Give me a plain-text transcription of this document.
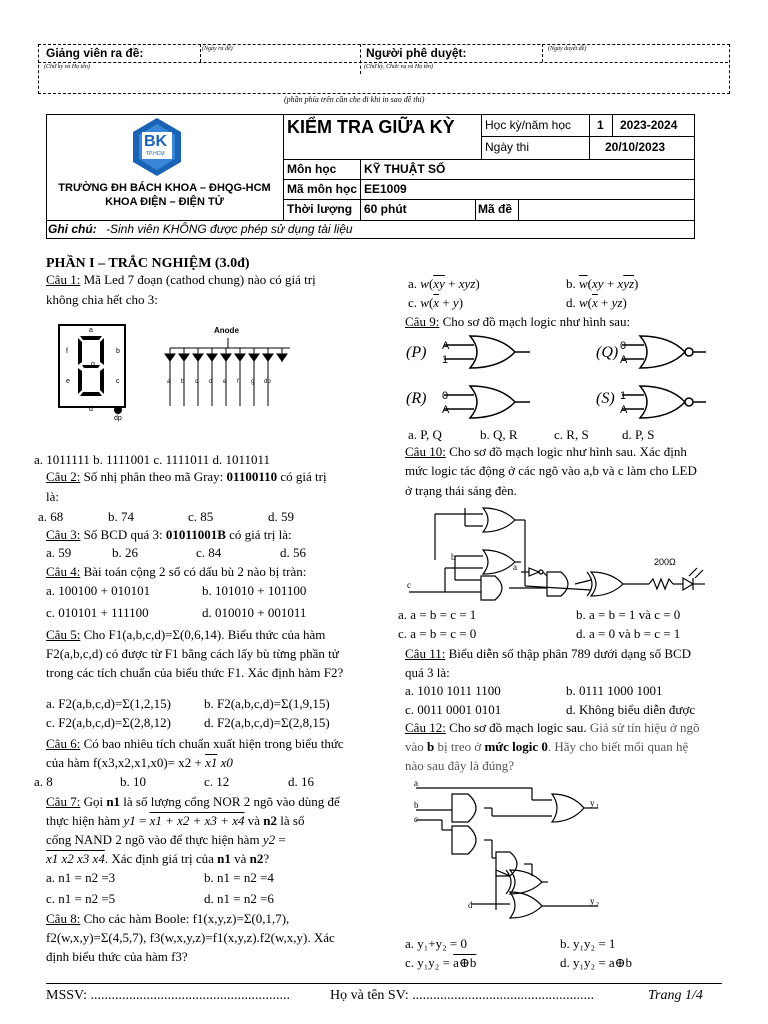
Giảng viên ra đề:	(Ngày ra đề)
(Chữ ký và Họ tên)
Người phê duyệt:	(Ngày duyệt đề)
(Chữ ký, Chức vụ và Họ tên)
(phần phía trên cần che đi khi in sao đề thi)
BK
TP.HCM
TRƯỜNG ĐH BÁCH KHOA – ĐHQG-HCM
KHOA ĐIỆN – ĐIỆN TỬ
KIỂM TRA GIỮA KỲ	Học kỳ/năm học 1 2023-2024
Ngày thi	20/10/2023
Môn học KỸ THUẬT SỐ
Mã môn học EE1009
Thời lượng 60 phút	Mã đề
Ghi chú: -Sinh viên KHÔNG được phép sử dụng tài liệu
PHẦN I – TRẮC NGHIỆM (3.0đ)
Câu 1: Mã Led 7 đoạn (cathod chung) nào có giá trị
không chia hết cho 3:
a
b
c
d
e
f
g
dp
Anode
a b c d e f g dp
a. 1011111 b. 1111001 c. 1111011 d. 1011011
Câu 2: Số nhị phân theo mã Gray: 01100110 có giá trị
là:
a. 68	b. 74	c. 85	d. 59
Câu 3: Số BCD quá 3: 01011001B có giá trị là:
a. 59	b. 26	c. 84	d. 56
Câu 4: Bài toán cộng 2 số có dấu bù 2 nào bị tràn:
a. 100100 + 010101	b. 101010 + 101100
c. 010101 + 111100	d. 010010 + 001011
Câu 5: Cho F1(a,b,c,d)=Σ(0,6,14). Biểu thức của hàm
F2(a,b,c,d) có được từ F1 bằng cách lấy bù từng phần tử
trong các tích chuẩn của biểu thức F1. Xác định hàm F2?
a. F2(a,b,c,d)=Σ(1,2,15)	b. F2(a,b,c,d)=Σ(1,9,15)
c. F2(a,b,c,d)=Σ(2,8,12)	d. F2(a,b,c,d)=Σ(2,8,15)
Câu 6: Có bao nhiêu tích chuẩn xuất hiện trong biểu thức
của hàm f(x3,x2,x1,x0)= x2 + x1 x0
a. 8	b. 10	c. 12	d. 16
Câu 7: Gọi n1 là số lượng cổng NOR 2 ngõ vào dùng để
thực hiện hàm y1 = x1 + x2 + x3 + x4 và n2 là số
cổng NAND 2 ngõ vào để thực hiện hàm y2 =
x1 x2 x3 x4. Xác định giá trị của n1 và n2?
a. n1 = n2 =3	b. n1 = n2 =4
c. n1 = n2 =5	d. n1 = n2 =6
Câu 8: Cho các hàm Boole: f1(x,y,z)=Σ(0,1,7),
f2(w,x,y)=Σ(4,5,7), f3(w,x,y,z)=f1(x,y,z).f2(w,x,y). Xác
định biểu thức của hàm f3?
a. $w(\overline{x}\overline{y} + xyz)$	b. $\overline{w}(xy + x\overline{y}\overline{z})$
c. $w(\overline{x} + y)$	d. $w(\overline{x} + yz)$
Câu 9: Cho sơ đồ mạch logic như hình sau:
A
1
0
A
0
A
1
A
(P)	(Q)
(R)	(S)
a. P, Q	b. Q, R	c. R, S	d. P, S
Câu 10: Cho sơ đồ mạch logic như hình sau. Xác định
mức logic tác động ở các ngõ vào a,b và c làm cho LED
ở trạng thái sáng đèn.
b
a
c
200Ω
a. a = b = c = 1	b. a = b = 1 và c = 0
c. a = b = c = 0	d. a = 0 và b = c = 1
Câu 11: Biểu diễn số thập phân 789 dưới dạng số BCD
quá 3 là:
a. 1010 1011 1100	b. 0111 1000 1001
c. 0011 0001 0101	d. Không biểu diễn được
Câu 12: Cho sơ đồ mạch logic sau. Giả sử tín hiệu ở ngõ
vào b bị treo ở mức logic 0. Hãy cho biết mối quan hệ
nào sau đây là đúng?
a
b
c
d
y 1
y 2
a. y₁+y₂ = 0	b. y₁y₂ = 1
c. y₁y₂ = a⊕b	d. y₁y₂ = a⊕b
MSSV: .........................................................	Họ và tên SV: ....................................................	Trang 1/4
